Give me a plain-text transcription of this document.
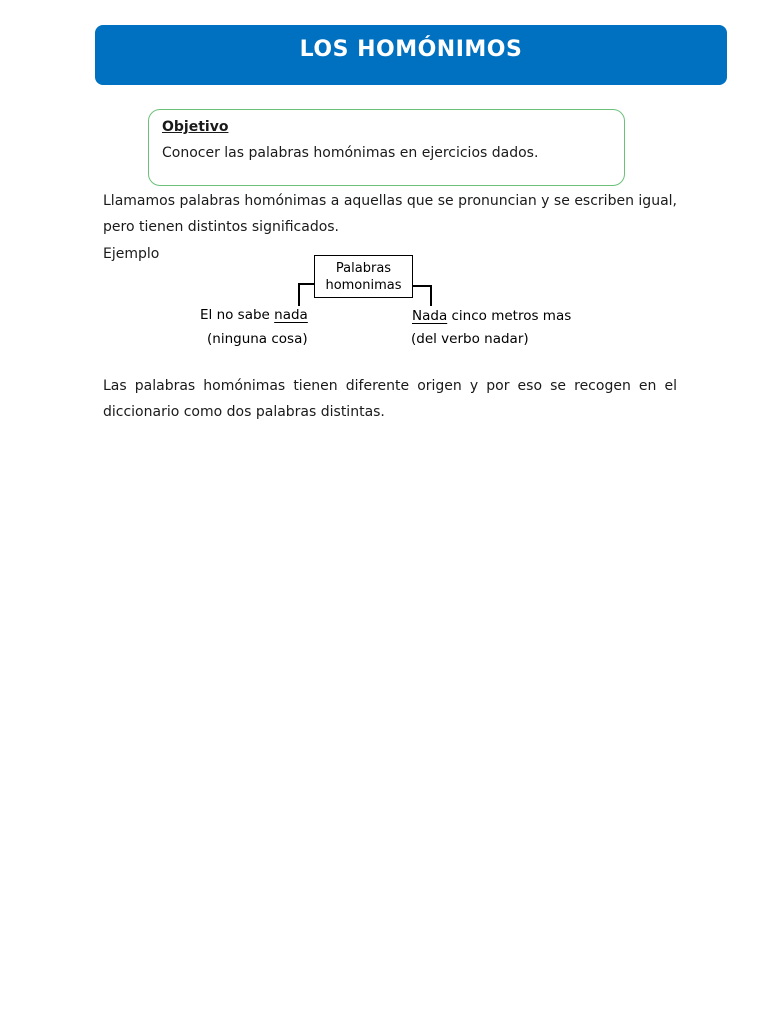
LOS HOMÓNIMOS
Objetivo
Conocer las palabras homónimas en ejercicios dados.
Llamamos palabras homónimas a aquellas que se pronuncian y se escriben igual,
pero tienen distintos significados.
Ejemplo
Palabras
homonimas
El no sabe nada
(ninguna cosa)
Nada cinco metros mas
(del verbo nadar)
Las palabras homónimas tienen diferente origen y por eso se recogen en el
diccionario como dos palabras distintas.
